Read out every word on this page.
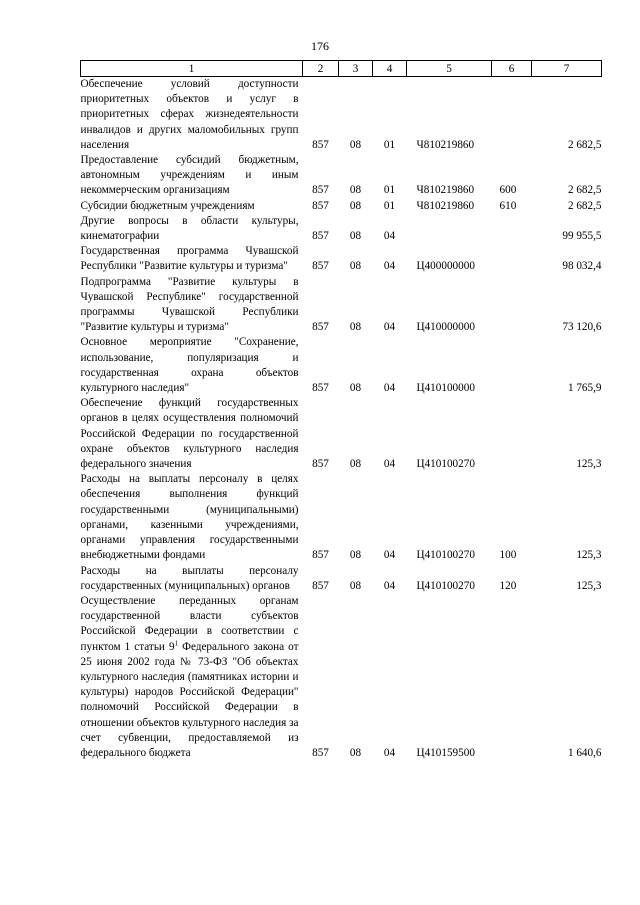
176
1	2	3	4	5	6	7
Обеспечение условий доступности приоритетных объектов и услуг в приоритетных сферах жизнедеятельности инвалидов и других маломобильных групп населения	857	08	01	Ч810219860		2 682,5
Предоставление субсидий бюджетным, автономным учреждениям и иным некоммерческим организациям	857	08	01	Ч810219860	600	2 682,5
Субсидии бюджетным учреждениям	857	08	01	Ч810219860	610	2 682,5
Другие вопросы в области культуры, кинематографии	857	08	04			99 955,5
Государственная программа Чувашской Республики "Развитие культуры и туризма"	857	08	04	Ц400000000		98 032,4
Подпрограмма "Развитие культуры в Чувашской Республике" государственной программы Чувашской Республики "Развитие культуры и туризма"	857	08	04	Ц410000000		73 120,6
Основное мероприятие "Сохранение, использование, популяризация и государственная охрана объектов культурного наследия"	857	08	04	Ц410100000		1 765,9
Обеспечение функций государственных органов в целях осуществления полномочий Российской Федерации по государственной охране объектов культурного наследия федерального значения	857	08	04	Ц410100270		125,3
Расходы на выплаты персоналу в целях обеспечения выполнения функций государственными (муниципальными) органами, казенными учреждениями, органами управления государственными внебюджетными фондами	857	08	04	Ц410100270	100	125,3
Расходы на выплаты персоналу государственных (муниципальных) органов	857	08	04	Ц410100270	120	125,3
Осуществление переданных органам государственной власти субъектов Российской Федерации в соответствии с пунктом 1 статьи $9^1$ Федерального закона от 25 июня 2002 года № 73-ФЗ "Об объектах культурного наследия (памятниках истории и культуры) народов Российской Федерации" полномочий Российской Федерации в отношении объектов культурного наследия за счет субвенции, предоставляемой из федерального бюджета	857	08	04	Ц410159500		1 640,6
